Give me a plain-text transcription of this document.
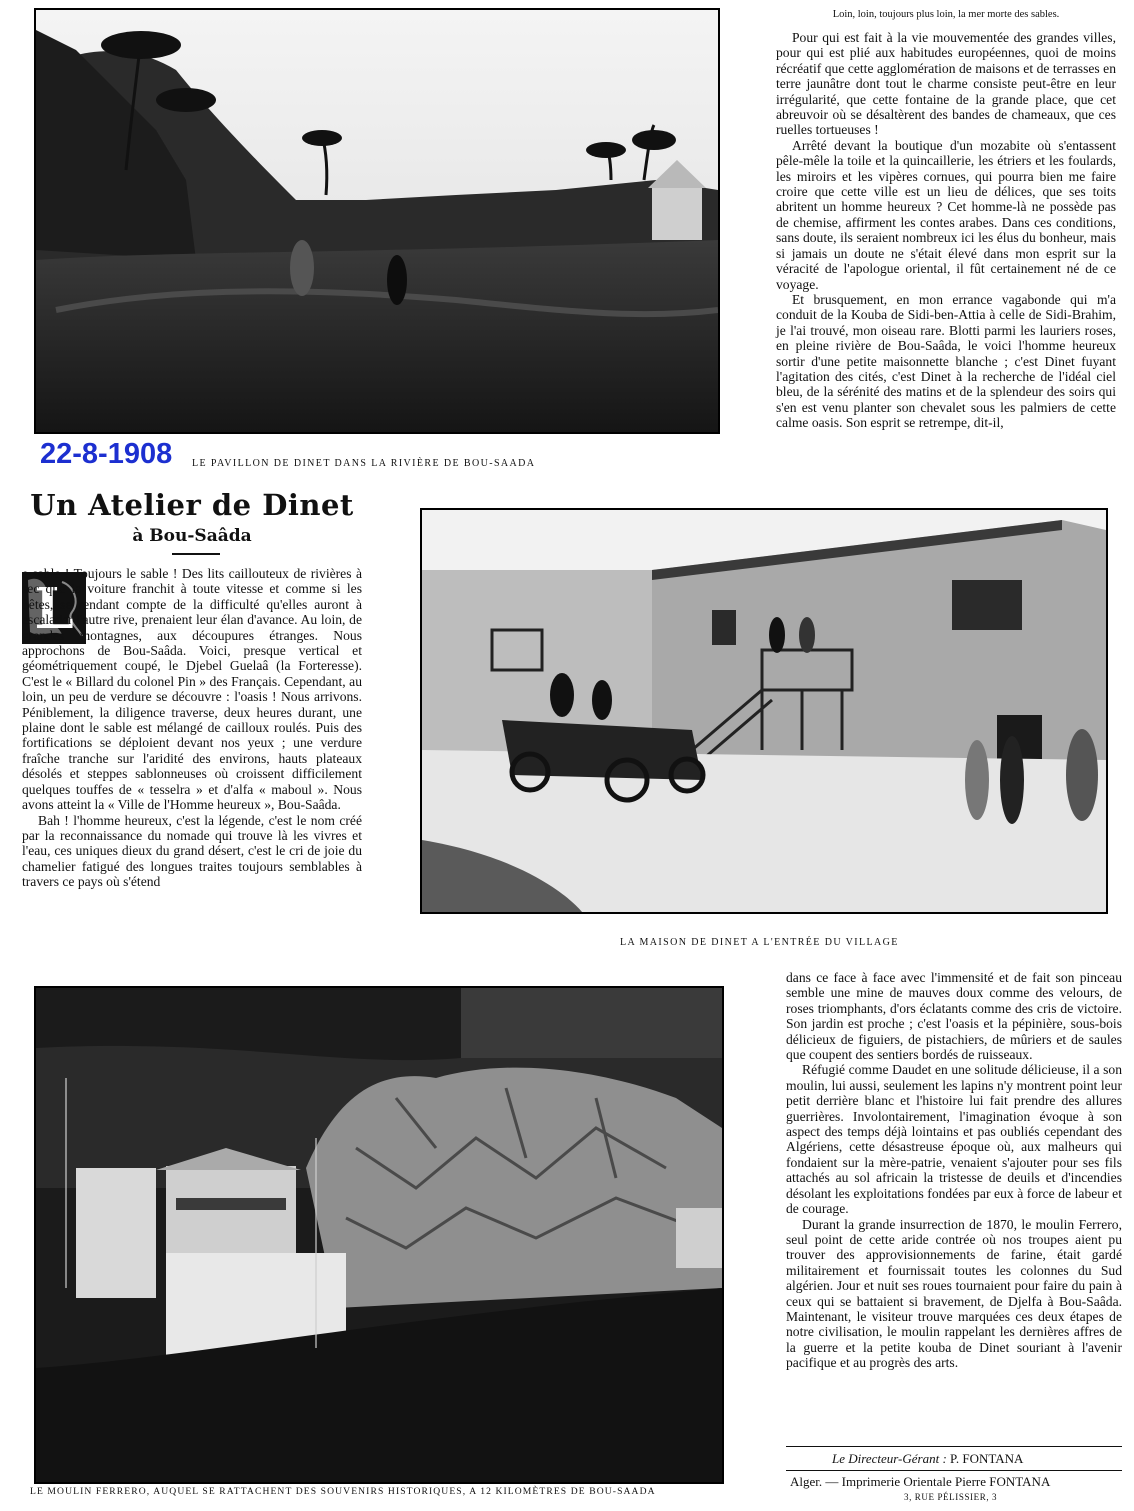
LE PAVILLON DE DINET DANS LA RIVIÈRE DE BOU-SAADA
22-8-1908
Loin, loin, toujours plus loin, la mer morte des sables.

Pour qui est fait à la vie mouvementée des grandes villes, pour qui est plié aux habitudes européennes, quoi de moins récréatif que cette agglomération de maisons et de terrasses en terre jaunâtre dont tout le charme consiste peut-être en leur irrégularité, que cette fontaine de la grande place, que cet abreuvoir où se désaltèrent des bandes de chameaux, que ces ruelles tortueuses !

Arrêté devant la boutique d'un mozabite où s'entassent pêle-mêle la toile et la quincaillerie, les étriers et les foulards, les miroirs et les vipères cornues, qui pourra bien me faire croire que cette ville est un lieu de délices, que ses toits abritent un homme heureux ? Cet homme-là ne possède pas de chemise, affirment les contes arabes. Dans ces conditions, sans doute, ils seraient nombreux ici les élus du bonheur, mais si jamais un doute ne s'était élevé dans mon esprit sur la véracité de l'apologue oriental, il fût certainement né de ce voyage.

Et brusquement, en mon errance vagabonde qui m'a conduit de la Kouba de Sidi-ben-Attia à celle de Sidi-Brahim, je l'ai trouvé, mon oiseau rare. Blotti parmi les lauriers roses, en pleine rivière de Bou-Saâda, le voici l'homme heureux sortir d'une petite maisonnette blanche ; c'est Dinet fuyant l'agitation des cités, c'est Dinet à la recherche de l'idéal ciel bleu, de la sérénité des matins et de la splendeur des soirs qui s'en est venu planter son chevalet sous les palmiers de cette calme oasis. Son esprit se retrempe, dit-il,

Un Atelier de Dinet
à Bou-Saâda
L

e sable ! Toujours le sable ! Des lits caillouteux de rivières à sec que la voiture franchit à toute vitesse et comme si les bêtes, se rendant compte de la difficulté qu'elles auront à escalader l'autre rive, prenaient leur élan d'avance. Au loin, de grandes montagnes, aux découpures étranges. Nous approchons de Bou-Saâda. Voici, presque vertical et géométriquement coupé, le Djebel Guelaâ (la Forteresse). C'est le « Billard du colonel Pin » des Français. Cependant, au loin, un peu de verdure se découvre : l'oasis ! Nous arrivons. Péniblement, la diligence traverse, deux heures durant, une plaine dont le sable est mélangé de cailloux roulés. Puis des fortifications se déploient devant nos yeux ; une verdure fraîche tranche sur l'aridité des environs, hauts plateaux désolés et steppes sablonneuses où croissent difficilement quelques touffes de « tesselra » et d'alfa « maboul ». Nous avons atteint la « Ville de l'Homme heureux », Bou-Saâda.

Bah ! l'homme heureux, c'est la légende, c'est le nom créé par la reconnaissance du nomade qui trouve là les vivres et l'eau, ces uniques dieux du grand désert, c'est le cri de joie du chamelier fatigué des longues traites toujours semblables à travers ce pays où s'étend

LA MAISON DE DINET A L'ENTRÉE DU VILLAGE
LE MOULIN FERRERO, AUQUEL SE RATTACHENT DES SOUVENIRS HISTORIQUES, A 12 KILOMÈTRES DE BOU-SAADA

dans ce face à face avec l'immensité et de fait son pinceau semble une mine de mauves doux comme des velours, de roses triomphants, d'ors éclatants comme des cris de victoire. Son jardin est proche ; c'est l'oasis et la pépinière, sous-bois délicieux de figuiers, de pistachiers, de mûriers et de saules que coupent des sentiers bordés de ruisseaux.

Réfugié comme Daudet en une solitude délicieuse, il a son moulin, lui aussi, seulement les lapins n'y montrent point leur petit derrière blanc et l'histoire lui fait prendre des allures guerrières. Involontairement, l'imagination évoque à son aspect des temps déjà lointains et pas oubliés cependant des Algériens, cette désastreuse époque où, aux malheurs qui fondaient sur la mère-patrie, venaient s'ajouter pour ses fils attachés au sol africain la tristesse de deuils et d'incendies désolant les exploitations fondées par eux à force de labeur et de courage.

Durant la grande insurrection de 1870, le moulin Ferrero, seul point de cette aride contrée où nos troupes aient pu trouver des approvisionnements de farine, était gardé militairement et fournissait toutes les colonnes du Sud algérien. Jour et nuit ses roues tournaient pour faire du pain à ceux qui se battaient si bravement, de Djelfa à Bou-Saâda. Maintenant, le visiteur trouve marquées ces deux étapes de notre civilisation, le moulin rappelant les dernières affres de la guerre et la petite kouba de Dinet souriant à l'avenir pacifique et au progrès des arts.

Le Directeur-Gérant : P. FONTANA
Alger. — Imprimerie Orientale Pierre FONTANA
3, RUE PÉLISSIER, 3
